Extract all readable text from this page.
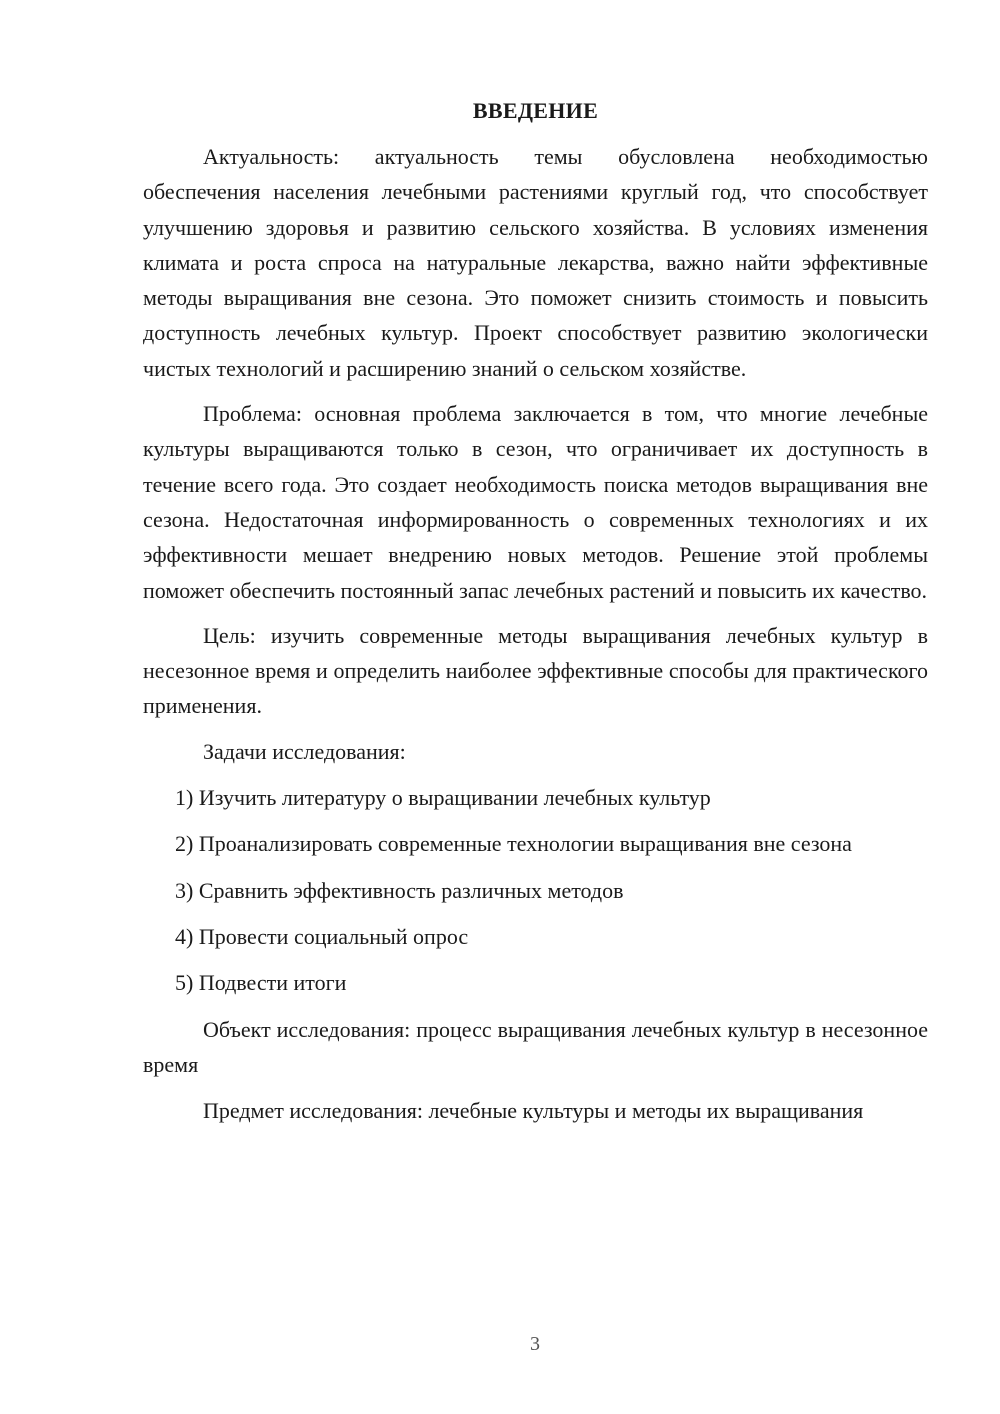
ВВЕДЕНИЕ

Актуальность: актуальность темы обусловлена необходимостью обеспечения населения лечебными растениями круглый год, что способствует улучшению здоровья и развитию сельского хозяйства. В условиях изменения климата и роста спроса на натуральные лекарства, важно найти эффективные методы выращивания вне сезона. Это поможет снизить стоимость и повысить доступность лечебных культур. Проект способствует развитию экологически чистых технологий и расширению знаний о сельском хозяйстве.

Проблема: основная проблема заключается в том, что многие лечебные культуры выращиваются только в сезон, что ограничивает их доступность в течение всего года. Это создает необходимость поиска методов выращивания вне сезона. Недостаточная информированность о современных технологиях и их эффективности мешает внедрению новых методов. Решение этой проблемы поможет обеспечить постоянный запас лечебных растений и повысить их качество.

Цель: изучить современные методы выращивания лечебных культур в несезонное время и определить наиболее эффективные способы для практического применения.

Задачи исследования:

1) Изучить литературу о выращивании лечебных культур

2) Проанализировать современные технологии выращивания вне сезона

3) Сравнить эффективность различных методов

4) Провести социальный опрос

5) Подвести итоги

Объект исследования: процесс выращивания лечебных культур в несезонное время

Предмет исследования: лечебные культуры и методы их выращивания

3
